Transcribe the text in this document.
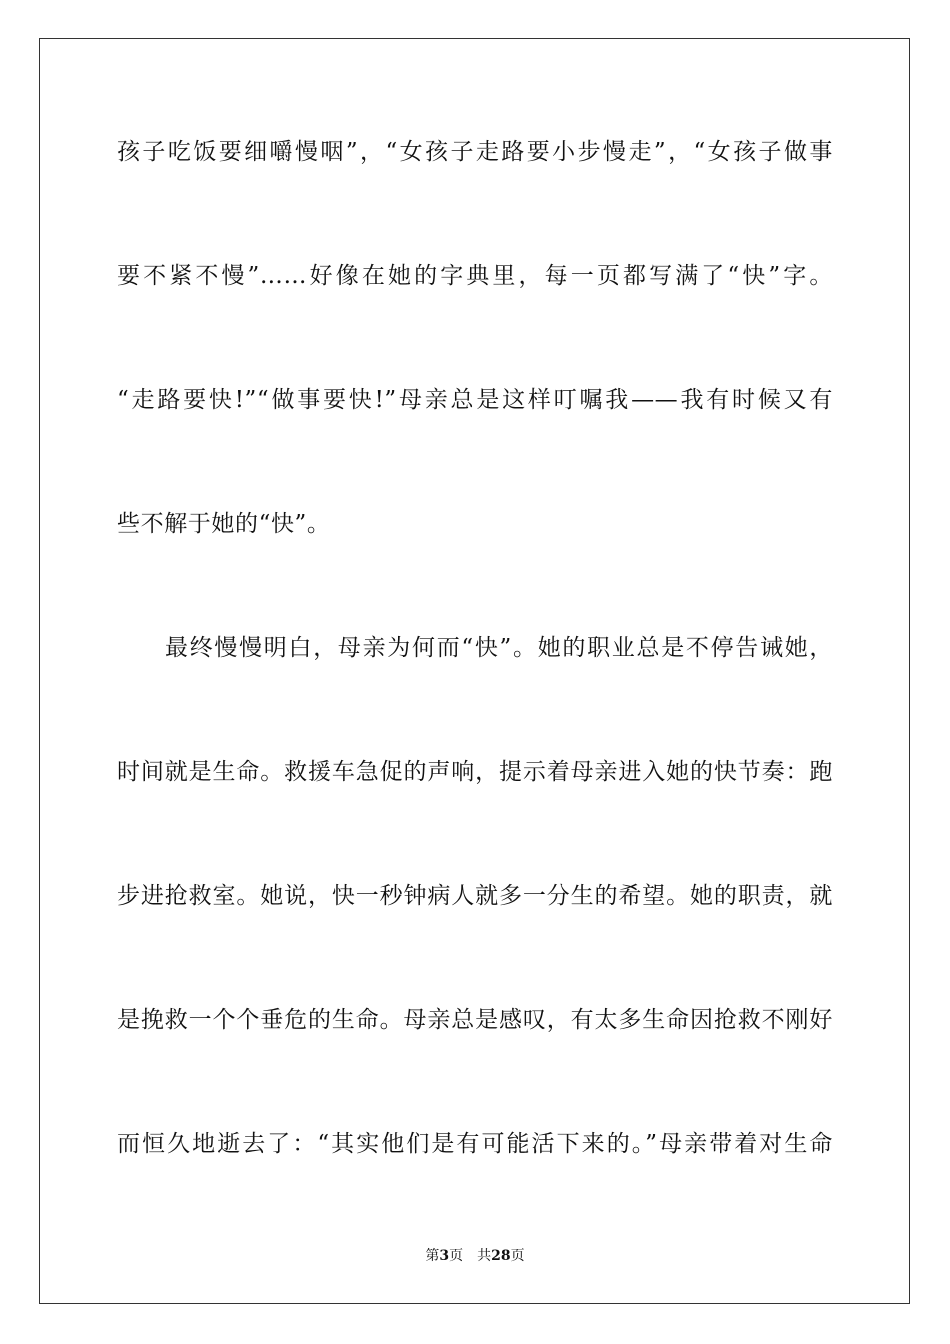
孩子吃饭要细嚼慢咽”，“女孩子走路要小步慢走”，“女孩子做事
要不紧不慢”……好像在她的字典里，每一页都写满了“快”字。
“走路要快!”“做事要快!”母亲总是这样叮嘱我——我有时候又有
些不解于她的“快”。
最终慢慢明白，母亲为何而“快”。她的职业总是不停告诫她，
时间就是生命。救援车急促的声响，提示着母亲进入她的快节奏：跑
步进抢救室。她说，快一秒钟病人就多一分生的希望。她的职责，就
是挽救一个个垂危的生命。母亲总是感叹，有太多生命因抢救不刚好
而恒久地逝去了：“其实他们是有可能活下来的。”母亲带着对生命
第3页 共28页
